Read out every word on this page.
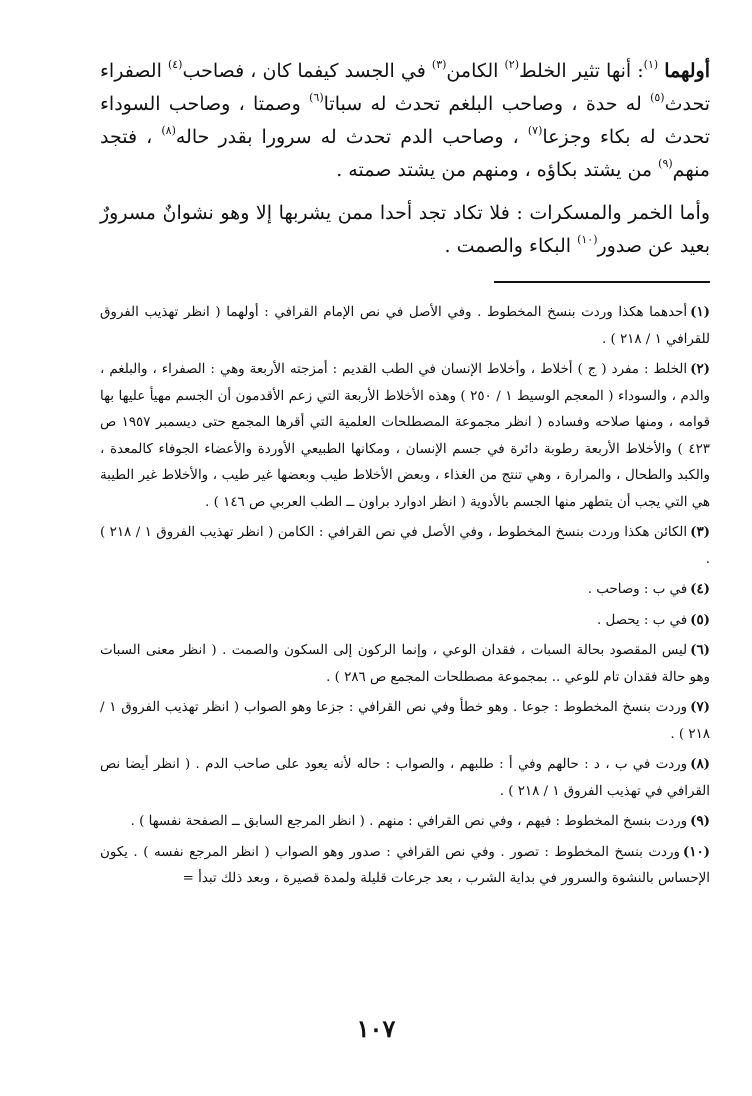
أولهما $^{(١)}$: أنها تثير الخلط$^{(٢)}$ الكامن$^{(٣)}$ في الجسد كيفما كان ، فصاحب$^{(٤)}$ الصفراء تحدث$^{(٥)}$ له حدة ، وصاحب البلغم تحدث له سباتا$^{(٦)}$ وصمتا ، وصاحب السوداء تحدث له بكاء وجزعا$^{(٧)}$ ، وصاحب الدم تحدث له سرورا بقدر حاله$^{(٨)}$ ، فتجد منهم$^{(٩)}$ من يشتد بكاؤه ، ومنهم من يشتد صمته .

وأما الخمر والمسكرات : فلا تكاد تجد أحدا ممن يشربها إلا وهو نشوانٌ مسرورٌ بعيد عن صدور$^{(١٠)}$ البكاء والصمت .

(١)أحدهما هكذا وردت بنسخ المخطوط . وفي الأصل في نص الإمام القرافي : أولهما ( انظر تهذيب الفروق للقرافي ١ / ٢١٨ ) .
(٢)الخلط : مفرد ( ج ) أخلاط ، وأخلاط الإنسان في الطب القديم : أمزجته الأربعة وهي : الصفراء ، والبلغم ، والدم ، والسوداء ( المعجم الوسيط ١ / ٢٥٠ ) وهذه الأخلاط الأربعة التي زعم الأقدمون أن الجسم مهيأ عليها بها قوامه ، ومنها صلاحه وفساده ( انظر مجموعة المصطلحات العلمية التي أقرها المجمع حتى ديسمبر ١٩٥٧ ص ٤٢٣ ) والأخلاط الأربعة رطوبة دائرة في جسم الإنسان ، ومكانها الطبيعي الأوردة والأعضاء الجوفاء كالمعدة ، والكبد والطحال ، والمرارة ، وهي تنتج من الغذاء ، وبعض الأخلاط طيب وبعضها غير طيب ، والأخلاط غير الطيبة هي التي يجب أن يتطهر منها الجسم بالأدوية ( انظر ادوارد براون ــ الطب العربي ص ١٤٦ ) .
(٣)الكائن هكذا وردت بنسخ المخطوط ، وفي الأصل في نص القرافي : الكامن ( انظر تهذيب الفروق ١ / ٢١٨ ) .
(٤)في ب : وصاحب .
(٥)في ب : يحصل .
(٦)ليس المقصود بحالة السبات ، فقدان الوعي ، وإنما الركون إلى السكون والصمت . ( انظر معنى السبات وهو حالة فقدان تام للوعي .. بمجموعة مصطلحات المجمع ص ٢٨٦ ) .
(٧)وردت بنسخ المخطوط : جوعا . وهو خطأ وفي نص القرافي : جزعا وهو الصواب ( انظر تهذيب الفروق ١ / ٢١٨ ) .
(٨)وردت في ب ، د : حالهم وفي أ : طلبهم ، والصواب : حاله لأنه يعود على صاحب الدم . ( انظر أيضا نص القرافي في تهذيب الفروق ١ / ٢١٨ ) .
(٩)وردت بنسخ المخطوط : فيهم ، وفي نص القرافي : منهم . ( انظر المرجع السابق ــ الصفحة نفسها ) .
(١٠)وردت بنسخ المخطوط : تصور . وفي نص القرافي : صدور وهو الصواب ( انظر المرجع نفسه ) . يكون الإحساس بالنشوة والسرور في بداية الشرب ، بعد جرعات قليلة ولمدة قصيرة ، وبعد ذلك تبدأ =
١٠٧
